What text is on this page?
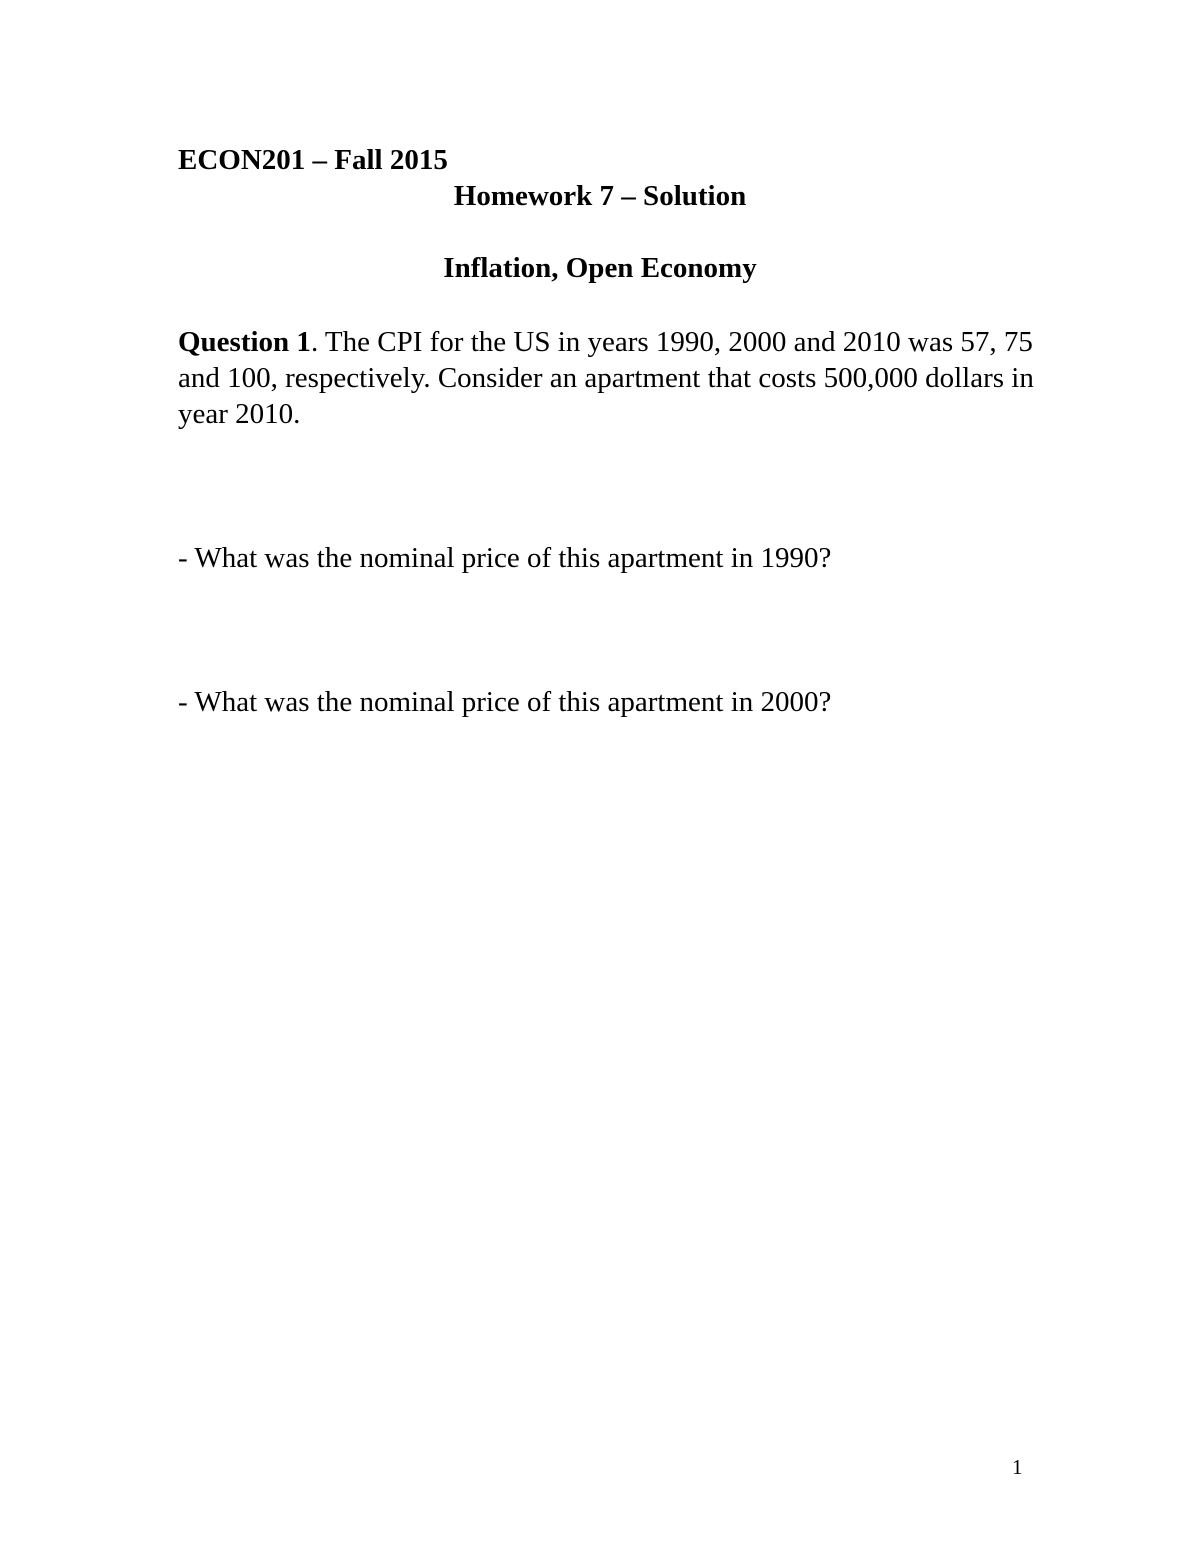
ECON201 – Fall 2015
Homework 7 – Solution
Inflation, Open Economy
Question 1. The CPI for the US in years 1990, 2000 and 2010 was 57, 75 and 100, respectively. Consider an apartment that costs 500,000 dollars in year 2010.
- What was the nominal price of this apartment in 1990?
- What was the nominal price of this apartment in 2000?
1
